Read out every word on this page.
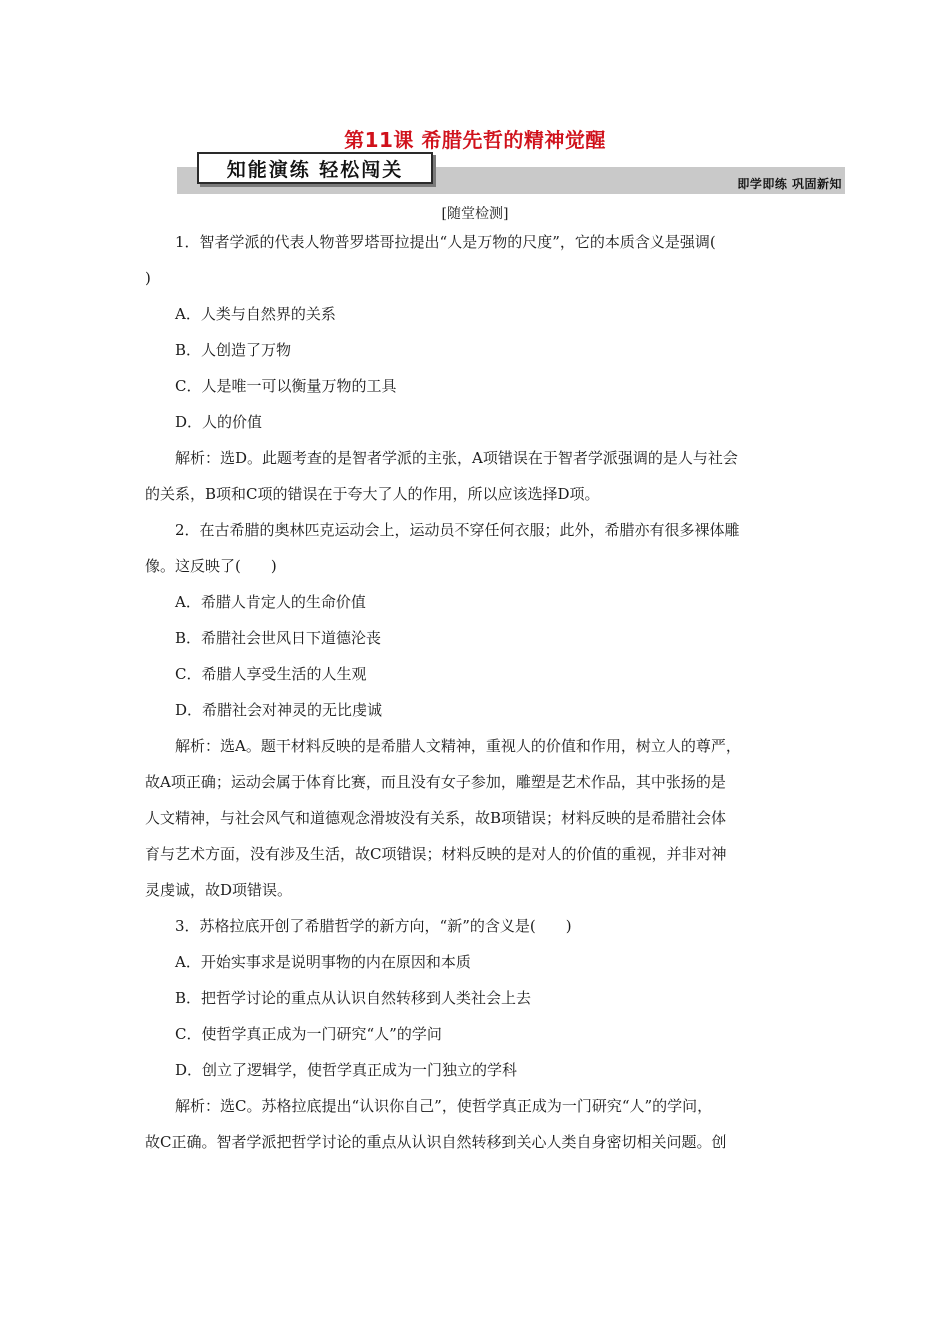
第11课 希腊先哲的精神觉醒
知能演练 轻松闯关
即学即练 巩固新知
[随堂检测]
1．智者学派的代表人物普罗塔哥拉提出“人是万物的尺度”，它的本质含义是强调(
)
A．人类与自然界的关系
B．人创造了万物
C．人是唯一可以衡量万物的工具
D．人的价值
解析：选D。此题考查的是智者学派的主张，A项错误在于智者学派强调的是人与社会
的关系，B项和C项的错误在于夸大了人的作用，所以应该选择D项。
2．在古希腊的奥林匹克运动会上，运动员不穿任何衣服；此外，希腊亦有很多裸体雕
像。这反映了(　　)
A．希腊人肯定人的生命价值
B．希腊社会世风日下道德沦丧
C．希腊人享受生活的人生观
D．希腊社会对神灵的无比虔诚
解析：选A。题干材料反映的是希腊人文精神，重视人的价值和作用，树立人的尊严，
故A项正确；运动会属于体育比赛，而且没有女子参加，雕塑是艺术作品，其中张扬的是
人文精神，与社会风气和道德观念滑坡没有关系，故B项错误；材料反映的是希腊社会体
育与艺术方面，没有涉及生活，故C项错误；材料反映的是对人的价值的重视，并非对神
灵虔诚，故D项错误。
3．苏格拉底开创了希腊哲学的新方向，“新”的含义是(　　)
A．开始实事求是说明事物的内在原因和本质
B．把哲学讨论的重点从认识自然转移到人类社会上去
C．使哲学真正成为一门研究“人”的学问
D．创立了逻辑学，使哲学真正成为一门独立的学科
解析：选C。苏格拉底提出“认识你自己”，使哲学真正成为一门研究“人”的学问，
故C正确。智者学派把哲学讨论的重点从认识自然转移到关心人类自身密切相关问题。创
